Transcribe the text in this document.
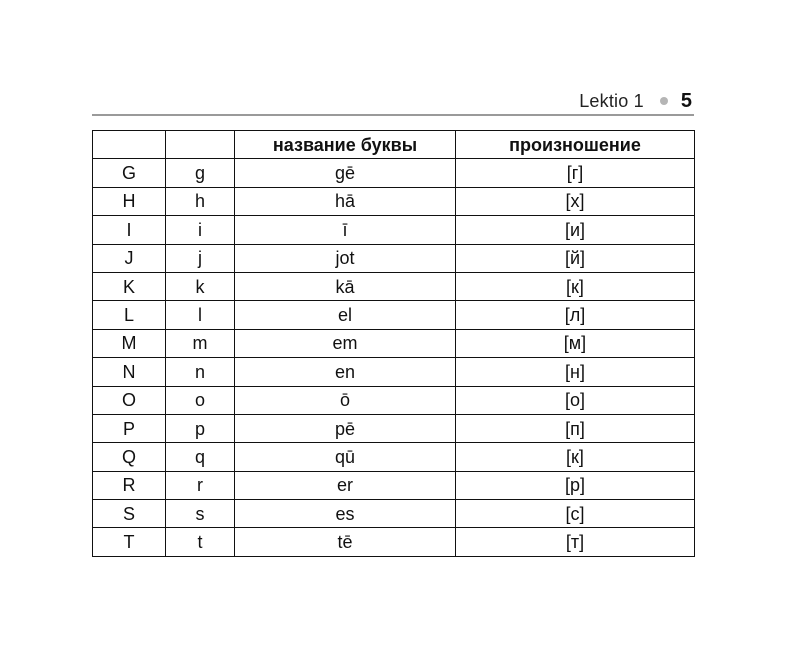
Lektio 1 5
		название буквы	произношение
G	g	gē	[г]
H	h	hā	[х]
I	i	ī	[и]
J	j	jot	[й]
K	k	kā	[к]
L	l	el	[л]
M	m	em	[м]
N	n	en	[н]
O	o	ō	[о]
P	p	pē	[п]
Q	q	qū	[к]
R	r	er	[р]
S	s	es	[с]
T	t	tē	[т]
